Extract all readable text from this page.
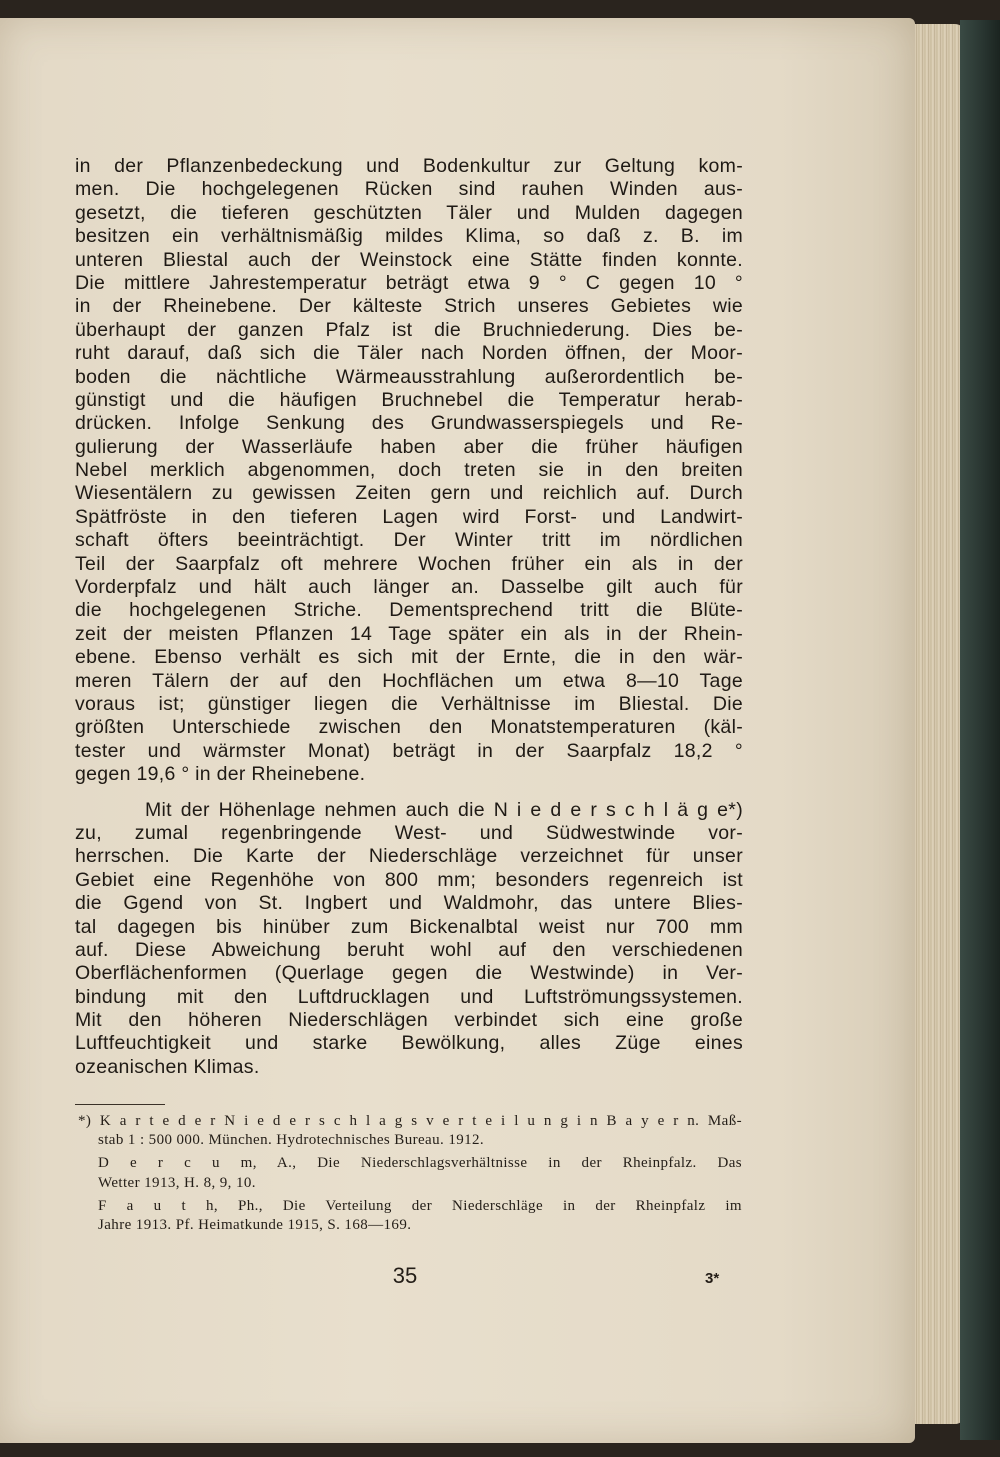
in der Pflanzenbedeckung und Bodenkultur zur Geltung kom-
men. Die hochgelegenen Rücken sind rauhen Winden aus-
gesetzt, die tieferen geschützten Täler und Mulden dagegen
besitzen ein verhältnismäßig mildes Klima, so daß z. B. im
unteren Bliestal auch der Weinstock eine Stätte finden konnte.
Die mittlere Jahrestemperatur beträgt etwa 9 ° C gegen 10 °
in der Rheinebene. Der kälteste Strich unseres Gebietes wie
überhaupt der ganzen Pfalz ist die Bruchniederung. Dies be-
ruht darauf, daß sich die Täler nach Norden öffnen, der Moor-
boden die nächtliche Wärmeausstrahlung außerordentlich be-
günstigt und die häufigen Bruchnebel die Temperatur herab-
drücken. Infolge Senkung des Grundwasserspiegels und Re-
gulierung der Wasserläufe haben aber die früher häufigen
Nebel merklich abgenommen, doch treten sie in den breiten
Wiesentälern zu gewissen Zeiten gern und reichlich auf. Durch
Spätfröste in den tieferen Lagen wird Forst- und Landwirt-
schaft öfters beeinträchtigt. Der Winter tritt im nördlichen
Teil der Saarpfalz oft mehrere Wochen früher ein als in der
Vorderpfalz und hält auch länger an. Dasselbe gilt auch für
die hochgelegenen Striche. Dementsprechend tritt die Blüte-
zeit der meisten Pflanzen 14 Tage später ein als in der Rhein-
ebene. Ebenso verhält es sich mit der Ernte, die in den wär-
meren Tälern der auf den Hochflächen um etwa 8—10 Tage
voraus ist; günstiger liegen die Verhältnisse im Bliestal. Die
größten Unterschiede zwischen den Monatstemperaturen (käl-
tester und wärmster Monat) beträgt in der Saarpfalz 18,2 °
gegen 19,6 ° in der Rheinebene.
Mit der Höhenlage nehmen auch die N i e d e r s c h l ä g e*)
zu, zumal regenbringende West- und Südwestwinde vor-
herrschen. Die Karte der Niederschläge verzeichnet für unser
Gebiet eine Regenhöhe von 800 mm; besonders regenreich ist
die Ggend von St. Ingbert und Waldmohr, das untere Blies-
tal dagegen bis hinüber zum Bickenalbtal weist nur 700 mm
auf. Diese Abweichung beruht wohl auf den verschiedenen
Oberflächenformen (Querlage gegen die Westwinde) in Ver-
bindung mit den Luftdrucklagen und Luftströmungssystemen.
Mit den höheren Niederschlägen verbindet sich eine große
Luftfeuchtigkeit und starke Bewölkung, alles Züge eines
ozeanischen Klimas.
*) K a r t e d e r N i e d e r s c h l a g s v e r t e i l u n g i n B a y e r n. Maß-
stab 1 : 500 000. München. Hydrotechnisches Bureau. 1912.
D e r c u m, A., Die Niederschlagsverhältnisse in der Rheinpfalz. Das
Wetter 1913, H. 8, 9, 10.
F a u t h, Ph., Die Verteilung der Niederschläge in der Rheinpfalz im
Jahre 1913. Pf. Heimatkunde 1915, S. 168—169.
35	3*
